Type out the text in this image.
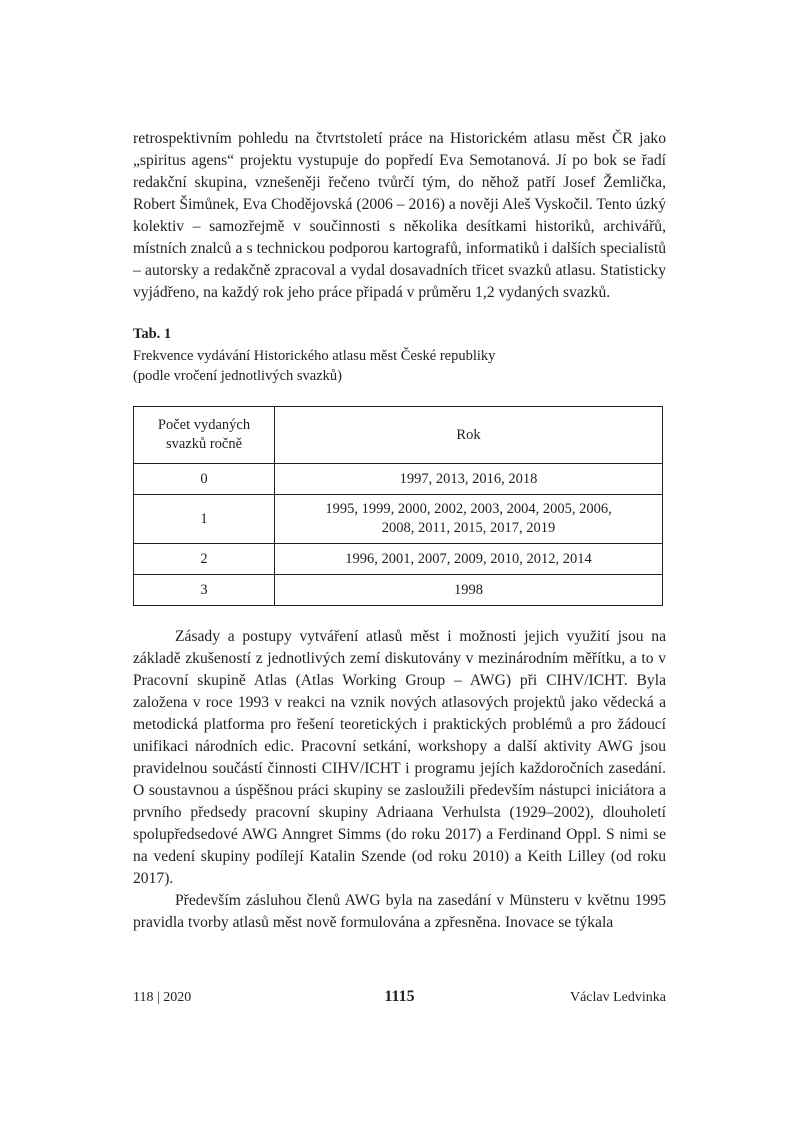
retrospektivním pohledu na čtvrtstoletí práce na Historickém atlasu měst ČR jako „spiritus agens“ projektu vystupuje do popředí Eva Semotanová. Jí po bok se řadí redakční skupina, vznešeněji řečeno tvůrčí tým, do něhož patří Josef Žemlička, Robert Šimůnek, Eva Chodějovská (2006 – 2016) a nověji Aleš Vyskočil. Tento úzký kolektiv – samozřejmě v součinnosti s několika desítkami historiků, archivářů, místních znalců a s technickou podporou kartografů, informatiků i dalších specialistů – autorsky a redakčně zpracoval a vydal dosavadních třicet svazků atlasu. Statisticky vyjádřeno, na každý rok jeho práce připadá v průměru 1,2 vydaných svazků.

Tab. 1

Frekvence vydávání Historického atlasu měst České republiky
(podle vročení jednotlivých svazků)

Počet vydaných
svazků ročně	Rok
0	1997, 2013, 2016, 2018
1	1995, 1999, 2000, 2002, 2003, 2004, 2005, 2006,
2008, 2011, 2015, 2017, 2019
2	1996, 2001, 2007, 2009, 2010, 2012, 2014
3	1998

Zásady a postupy vytváření atlasů měst i možnosti jejich využití jsou na základě zkušeností z jednotlivých zemí diskutovány v mezinárodním měřítku, a to v Pracovní skupině Atlas (Atlas Working Group – AWG) při CIHV/ICHT. Byla založena v roce 1993 v reakci na vznik nových atlasových projektů jako vědecká a metodická platforma pro řešení teoretických i praktických problémů a pro žádoucí unifikaci národních edic. Pracovní setkání, workshopy a další aktivity AWG jsou pravidelnou součástí činnosti CIHV/ICHT i programu jejích každoročních zasedání. O soustavnou a úspěšnou práci skupiny se zasloužili především nástupci iniciátora a prvního předsedy pracovní skupiny Adriaana Verhulsta (1929–2002), dlouholetí spolupředsedové AWG Anngret Simms (do roku 2017) a Ferdinand Oppl. S nimi se na vedení skupiny podílejí Katalin Szende (od roku 2010) a Keith Lilley (od roku 2017).

Především zásluhou členů AWG byla na zasedání v Münsteru v květnu 1995 pravidla tvorby atlasů měst nově formulována a zpřesněna. Inovace se týkala

118 | 2020	1115	Václav Ledvinka
